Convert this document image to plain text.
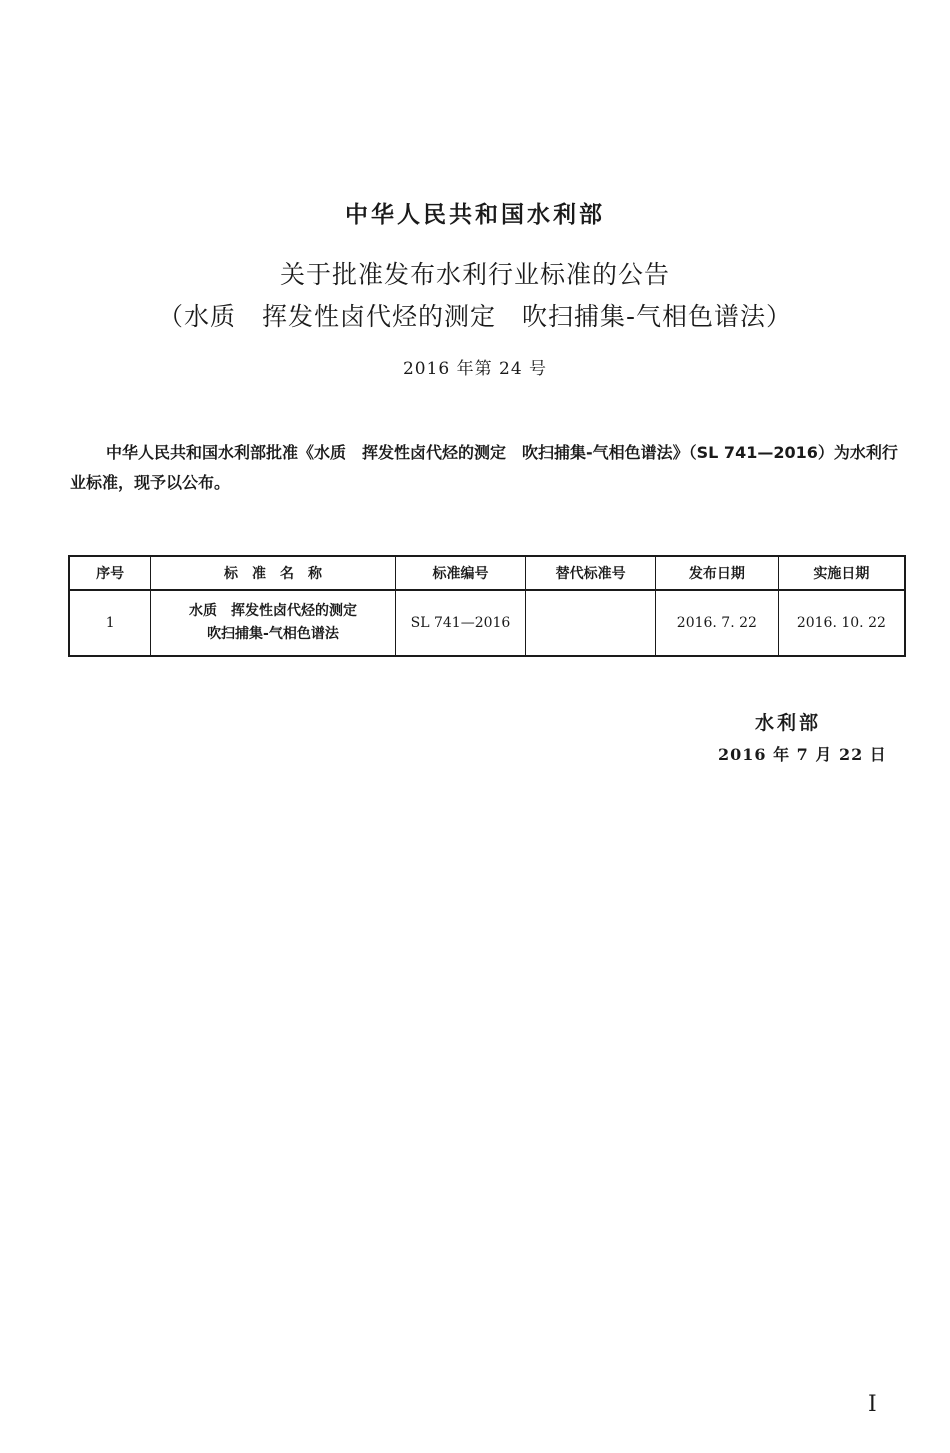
中华人民共和国水利部
关于批准发布水利行业标准的公告
（水质　挥发性卤代烃的测定　吹扫捕集-气相色谱法）
2016 年第 24 号
中华人民共和国水利部批准《水质　挥发性卤代烃的测定　吹扫捕集-气相色谱法》（SL 741—2016）为水利行业标准，现予以公布。
序号	标　准　名　称	标准编号	替代标准号	发布日期	实施日期
1	水质　挥发性卤代烃的测定
吹扫捕集-气相色谱法	SL 741—2016		2016. 7. 22	2016. 10. 22
水利部
2016 年 7 月 22 日
I
